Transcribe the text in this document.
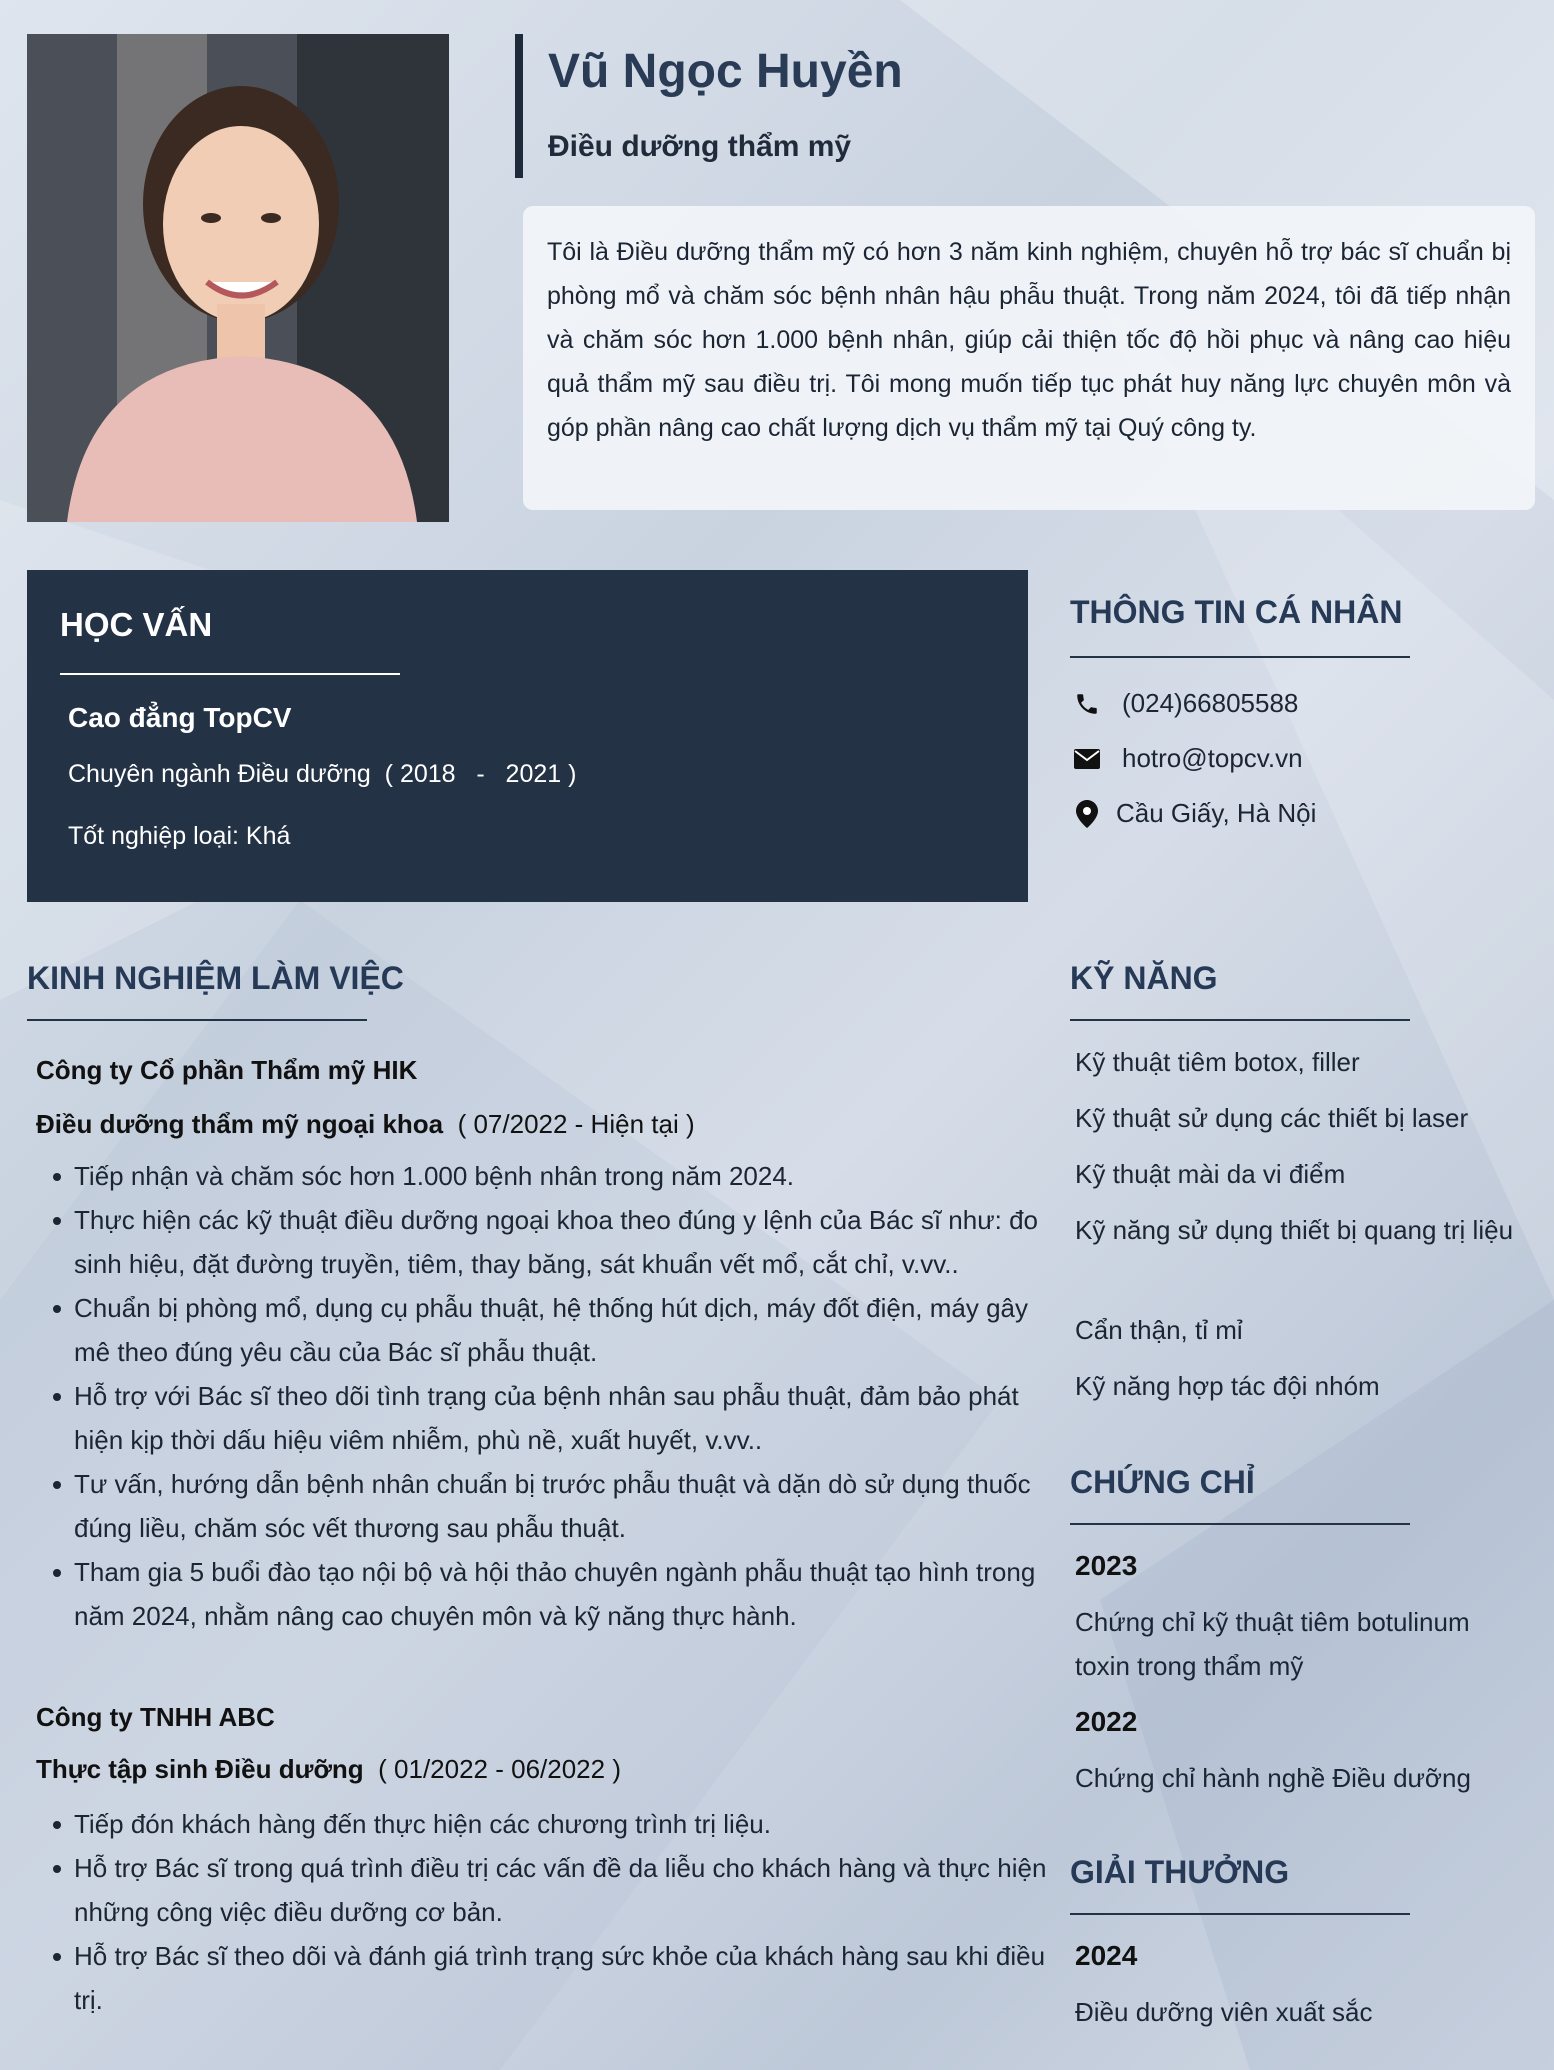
Vũ Ngọc Huyền
Điều dưỡng thẩm mỹ
Tôi là Điều dưỡng thẩm mỹ có hơn 3 năm kinh nghiệm, chuyên hỗ trợ bác sĩ chuẩn bị phòng mổ và chăm sóc bệnh nhân hậu phẫu thuật. Trong năm 2024, tôi đã tiếp nhận và chăm sóc hơn 1.000 bệnh nhân, giúp cải thiện tốc độ hồi phục và nâng cao hiệu quả thẩm mỹ sau điều trị. Tôi mong muốn tiếp tục phát huy năng lực chuyên môn và góp phần nâng cao chất lượng dịch vụ thẩm mỹ tại Quý công ty.
HỌC VẤN
Cao đẳng TopCV
Chuyên ngành Điều dưỡng  ( 2018   -   2021 )
Tốt nghiệp loại: Khá
THÔNG TIN CÁ NHÂN
(024)66805588
hotro@topcv.vn
Cầu Giấy, Hà Nội
KINH NGHIỆM LÀM VIỆC
Công ty Cổ phần Thẩm mỹ HIK
Điều dưỡng thẩm mỹ ngoại khoa  ( 07/2022 - Hiện tại )
Tiếp nhận và chăm sóc hơn 1.000 bệnh nhân trong năm 2024.
Thực hiện các kỹ thuật điều dưỡng ngoại khoa theo đúng y lệnh của Bác sĩ như: đo sinh hiệu, đặt đường truyền, tiêm, thay băng, sát khuẩn vết mổ, cắt chỉ, v.vv..
Chuẩn bị phòng mổ, dụng cụ phẫu thuật, hệ thống hút dịch, máy đốt điện, máy gây mê theo đúng yêu cầu của Bác sĩ phẫu thuật.
Hỗ trợ với Bác sĩ theo dõi tình trạng của bệnh nhân sau phẫu thuật, đảm bảo phát hiện kịp thời dấu hiệu viêm nhiễm, phù nề, xuất huyết, v.vv..
Tư vấn, hướng dẫn bệnh nhân chuẩn bị trước phẫu thuật và dặn dò sử dụng thuốc đúng liều, chăm sóc vết thương sau phẫu thuật.
Tham gia 5 buổi đào tạo nội bộ và hội thảo chuyên ngành phẫu thuật tạo hình trong năm 2024, nhằm nâng cao chuyên môn và kỹ năng thực hành.
Công ty TNHH ABC
Thực tập sinh Điều dưỡng  ( 01/2022 - 06/2022 )
Tiếp đón khách hàng đến thực hiện các chương trình trị liệu.
Hỗ trợ Bác sĩ trong quá trình điều trị các vấn đề da liễu cho khách hàng và thực hiện những công việc điều dưỡng cơ bản.
Hỗ trợ Bác sĩ theo dõi và đánh giá trình trạng sức khỏe của khách hàng sau khi điều trị.
KỸ NĂNG
Kỹ thuật tiêm botox, filler
Kỹ thuật sử dụng các thiết bị laser
Kỹ thuật mài da vi điểm
Kỹ năng sử dụng thiết bị quang trị liệu
Cẩn thận, tỉ mỉ
Kỹ năng hợp tác đội nhóm
CHỨNG CHỈ
2023
Chứng chỉ kỹ thuật tiêm botulinum toxin trong thẩm mỹ
2022
Chứng chỉ hành nghề Điều dưỡng
GIẢI THƯỞNG
2024
Điều dưỡng viên xuất sắc
